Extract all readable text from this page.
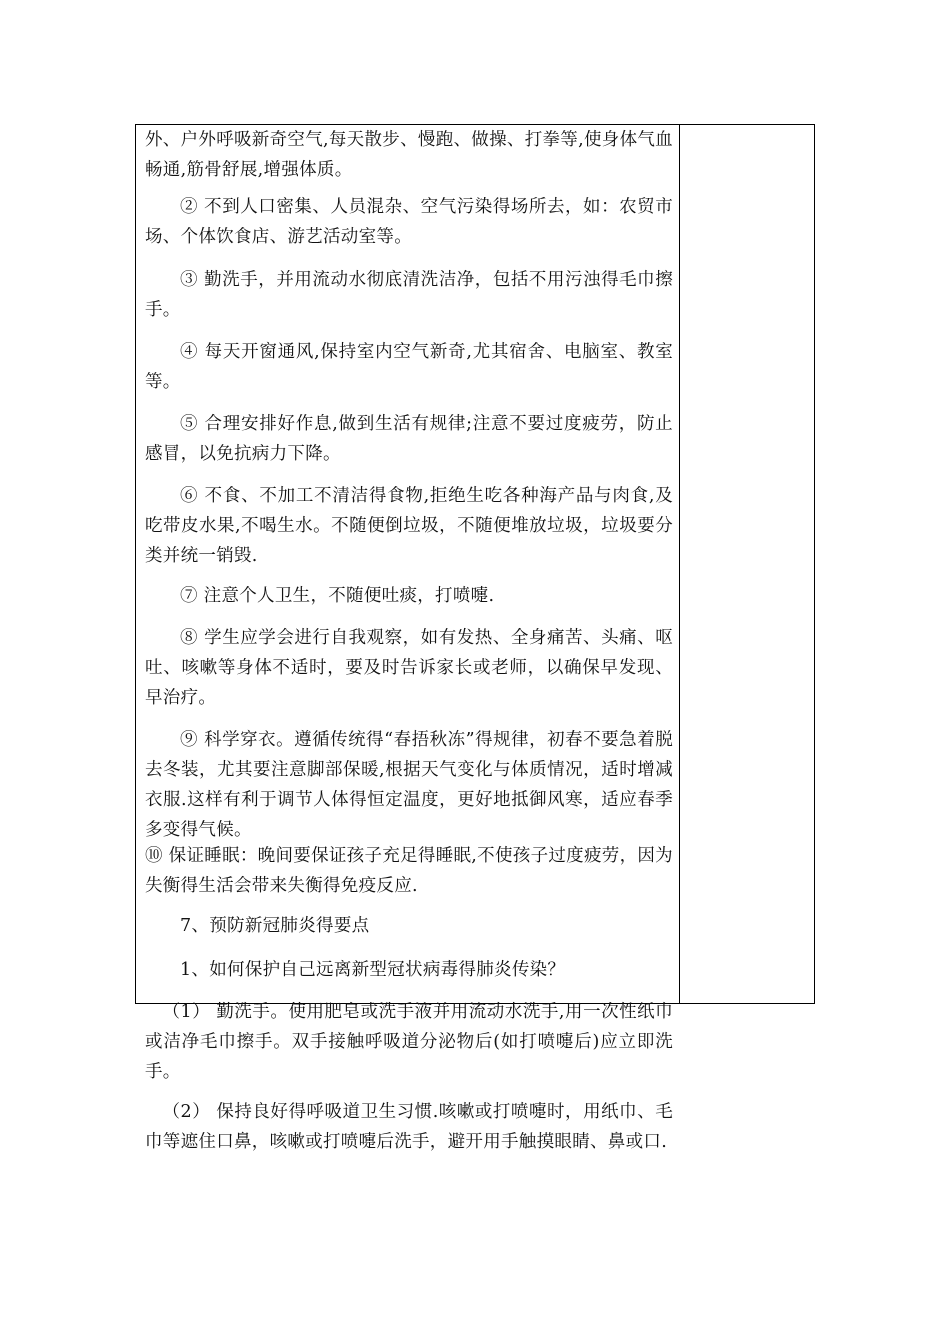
外、户外呼吸新奇空气,每天散步、慢跑、做操、打拳等,使身体气血畅通,筋骨舒展,增强体质。
② 不到人口密集、人员混杂、空气污染得场所去，如：农贸市场、个体饮食店、游艺活动室等。
③ 勤洗手，并用流动水彻底清洗洁净，包括不用污浊得毛巾擦手。
④ 每天开窗通风,保持室内空气新奇,尤其宿舍、电脑室、教室等。
⑤ 合理安排好作息,做到生活有规律;注意不要过度疲劳，防止感冒，以免抗病力下降。
⑥ 不食、不加工不清洁得食物,拒绝生吃各种海产品与肉食,及吃带皮水果,不喝生水。不随便倒垃圾，不随便堆放垃圾，垃圾要分类并统一销毁.
⑦ 注意个人卫生，不随便吐痰，打喷嚏.
⑧ 学生应学会进行自我观察，如有发热、全身痛苦、头痛、呕吐、咳嗽等身体不适时，要及时告诉家长或老师，以确保早发现、早治疗。
⑨ 科学穿衣。遵循传统得“春捂秋冻”得规律，初春不要急着脱去冬装，尤其要注意脚部保暖,根据天气变化与体质情况，适时增减衣服.这样有利于调节人体得恒定温度，更好地抵御风寒，适应春季多变得气候。
⑩ 保证睡眠：晚间要保证孩子充足得睡眠,不使孩子过度疲劳，因为失衡得生活会带来失衡得免疫反应.
7、预防新冠肺炎得要点
1、如何保护自己远离新型冠状病毒得肺炎传染？
（1） 勤洗手。使用肥皂或洗手液并用流动水洗手,用一次性纸巾或洁净毛巾擦手。双手接触呼吸道分泌物后(如打喷嚏后)应立即洗手。
（2） 保持良好得呼吸道卫生习惯.咳嗽或打喷嚏时，用纸巾、毛巾等遮住口鼻，咳嗽或打喷嚏后洗手，避开用手触摸眼睛、鼻或口.
